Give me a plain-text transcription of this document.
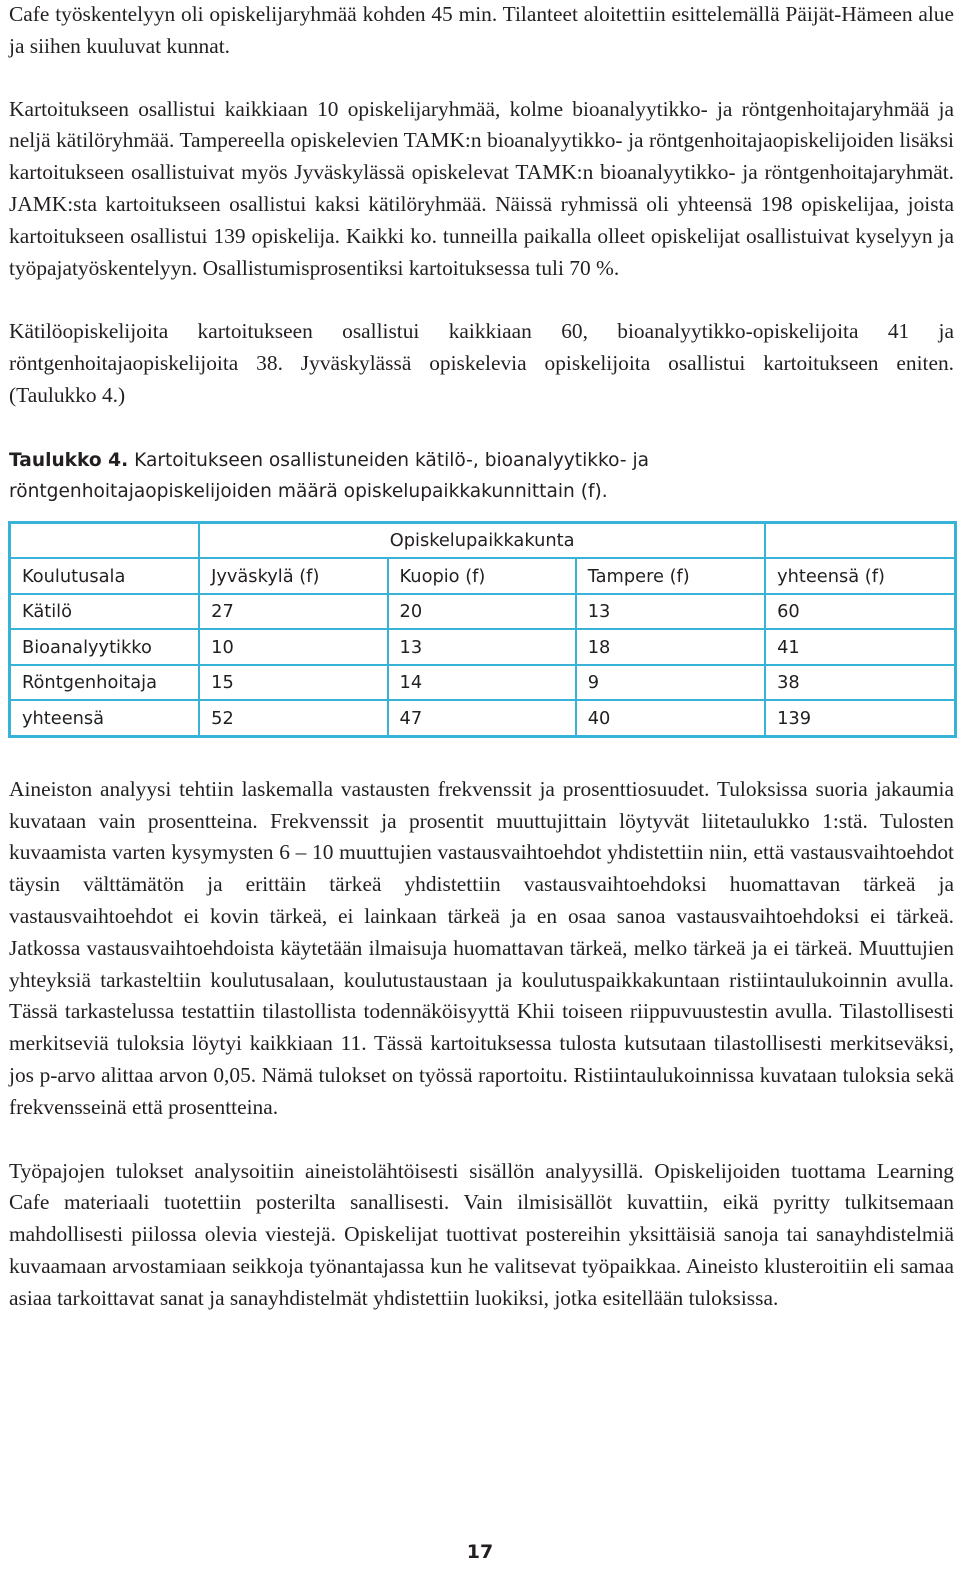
Cafe työskentelyyn oli opiskelijaryhmää kohden 45 min. Tilanteet aloitettiin esittelemällä Päijät-Hämeen alue ja siihen kuuluvat kunnat.

Kartoitukseen osallistui kaikkiaan 10 opiskelijaryhmää, kolme bioanalyytikko- ja röntgenhoitajaryhmää ja neljä kätilöryhmää. Tampereella opiskelevien TAMK:n bioanalyytikko- ja röntgenhoitajaopiskelijoiden lisäksi kartoitukseen osallistuivat myös Jyväskylässä opiskelevat TAMK:n bioanalyytikko- ja röntgenhoitajaryhmät. JAMK:sta kartoitukseen osallistui kaksi kätilöryhmää. Näissä ryhmissä oli yhteensä 198 opiskelijaa, joista kartoitukseen osallistui 139 opiskelija. Kaikki ko. tunneilla paikalla olleet opiskelijat osallistuivat kyselyyn ja työpajatyöskentelyyn. Osallistumisprosentiksi kartoituksessa tuli 70 %.

Kätilöopiskelijoita kartoitukseen osallistui kaikkiaan 60, bioanalyytikko-opiskelijoita 41 ja röntgenhoitajaopiskelijoita 38. Jyväskylässä opiskelevia opiskelijoita osallistui kartoitukseen eniten. (Taulukko 4.)

Taulukko 4. Kartoitukseen osallistuneiden kätilö-, bioanalyytikko- ja röntgenhoitajaopiskelijoiden määrä opiskelupaikkakunnittain (f).
	Opiskelupaikkakunta			
Koulutusala	Jyväskylä (f)	Kuopio (f)	Tampere (f)	yhteensä (f)
Kätilö	27	20	13	60
Bioanalyytikko	10	13	18	41
Röntgenhoitaja	15	14	9	38
yhteensä	52	47	40	139

Aineiston analyysi tehtiin laskemalla vastausten frekvenssit ja prosenttiosuudet. Tuloksissa suoria jakaumia kuvataan vain prosentteina. Frekvenssit ja prosentit muuttujittain löytyvät liitetaulukko 1:stä. Tulosten kuvaamista varten kysymysten 6 – 10 muuttujien vastausvaihtoehdot yhdistettiin niin, että vastausvaihtoehdot täysin välttämätön ja erittäin tärkeä yhdistettiin vastausvaihtoehdoksi huomattavan tärkeä ja vastausvaihtoehdot ei kovin tärkeä, ei lainkaan tärkeä ja en osaa sanoa vastausvaihtoehdoksi ei tärkeä. Jatkossa vastausvaihtoehdoista käytetään ilmaisuja huomattavan tärkeä, melko tärkeä ja ei tärkeä. Muuttujien yhteyksiä tarkasteltiin koulutusalaan, koulutustaustaan ja koulutuspaikkakuntaan ristiintaulukoinnin avulla. Tässä tarkastelussa testattiin tilastollista todennäköisyyttä Khii toiseen riippuvuustestin avulla. Tilastollisesti merkitseviä tuloksia löytyi kaikkiaan 11. Tässä kartoituksessa tulosta kutsutaan tilastollisesti merkitseväksi, jos p-arvo alittaa arvon 0,05. Nämä tulokset on työssä raportoitu. Ristiintaulukoinnissa kuvataan tuloksia sekä frekvensseinä että prosentteina.

Työpajojen tulokset analysoitiin aineistolähtöisesti sisällön analyysillä. Opiskelijoiden tuottama Learning Cafe materiaali tuotettiin posterilta sanallisesti. Vain ilmisisällöt kuvattiin, eikä pyritty tulkitsemaan mahdollisesti piilossa olevia viestejä. Opiskelijat tuottivat postereihin yksittäisiä sanoja tai sanayhdistelmiä kuvaamaan arvostamiaan seikkoja työnantajassa kun he valitsevat työpaikkaa. Aineisto klusteroitiin eli samaa asiaa tarkoittavat sanat ja sanayhdistelmät yhdistettiin luokiksi, jotka esitellään tuloksissa.

17
